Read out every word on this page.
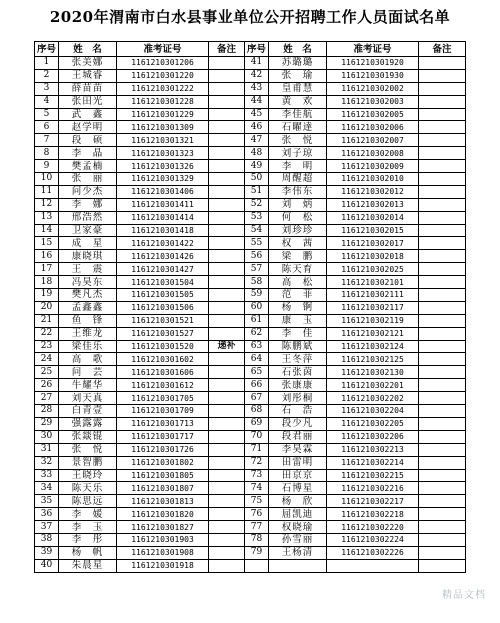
2020年渭南市白水县事业单位公开招聘工作人员面试名单
序号	姓　名	准考证号	备注	序号	姓　名	准考证号	备注
1	张美娜	1161210301206		41	苏璐璐	1161210301920	
2	王城睿	1161210301220		42	张　瑜	1161210301930	
3	薛苗苗	1161210301222		43	皇甫慧	1161210302002	
4	张田光	1161210301228		44	黄　欢	1161210302003	
5	武　鑫	1161210301229		45	李佳航	1161210302005	
6	赵学明	1161210301309		46	石曜達	1161210302006	
7	段　硕	1161210301321		47	张　悦	1161210302007	
8	李　晶	1161210301323		48	刘子琼	1161210302008	
9	樊孟楠	1161210301326		49	李　明	1161210302009	
10	张　丽	1161210301329		50	周醒超	1161210302010	
11	问少杰	1161210301406		51	李伟东	1161210302012	
12	李　娜	1161210301411		52	刘　炳	1161210302013	
13	邢浩然	1161210301414		53	何　松	1161210302014	
14	卫家豪	1161210301418		54	刘珍珍	1161210302015	
15	成　星	1161210301422		55	权　茜	1161210302017	
16	康晓琪	1161210301426		56	梁　鹏	1161210302018	
17	王　震	1161210301427		57	陈天育	1161210302025	
18	冯昊东	1161210301504		58	高　松	1161210302101	
19	樊凡杰	1161210301505		59	范　菲	1161210302111	
20	孟鑫鑫	1161210301506		60	杨　锕	1161210302117	
21	鱼　锋	1161210301521		61	康　玉	1161210302119	
22	王维龙	1161210301527		62	李　佳	1161210302121	
23	梁佳乐	1161210301520	递补	63	陈鹏斌	1161210302124	
24	高　歌	1161210301602		64	王冬萍	1161210302125	
25	问　芸	1161210301606		65	石张茵	1161210302130	
26	牛耀华	1161210301612		66	张康康	1161210302201	
27	刘天真	1161210301705		67	刘彤桐	1161210302202	
28	白青壹	1161210301709		68	石　浩	1161210302204	
29	强露露	1161210301713		69	段少凡	1161210302205	
30	张燚锟	1161210301717		70	段君丽	1161210302206	
31	张　悦	1161210301726		71	李昊霖	1161210302213	
32	景智鹏	1161210301802		72	田雷明	1161210302214	
33	王晓玲	1161210301805		73	田京京	1161210302215	
34	陈天乐	1161210301807		74	石博星	1161210302216	
35	陈思远	1161210301813		75	杨　欣	1161210302217	
36	李　媛	1161210301820		76	屈凯迪	1161210302218	
37	李　玉	1161210301827		77	权晓瑜	1161210302220	
38	李　彤	1161210301903		78	孙雪丽	1161210302224	
39	杨　帆	1161210301908		79	王杨清	1161210302226	
40	朱晨星	1161210301918					
精品文档
